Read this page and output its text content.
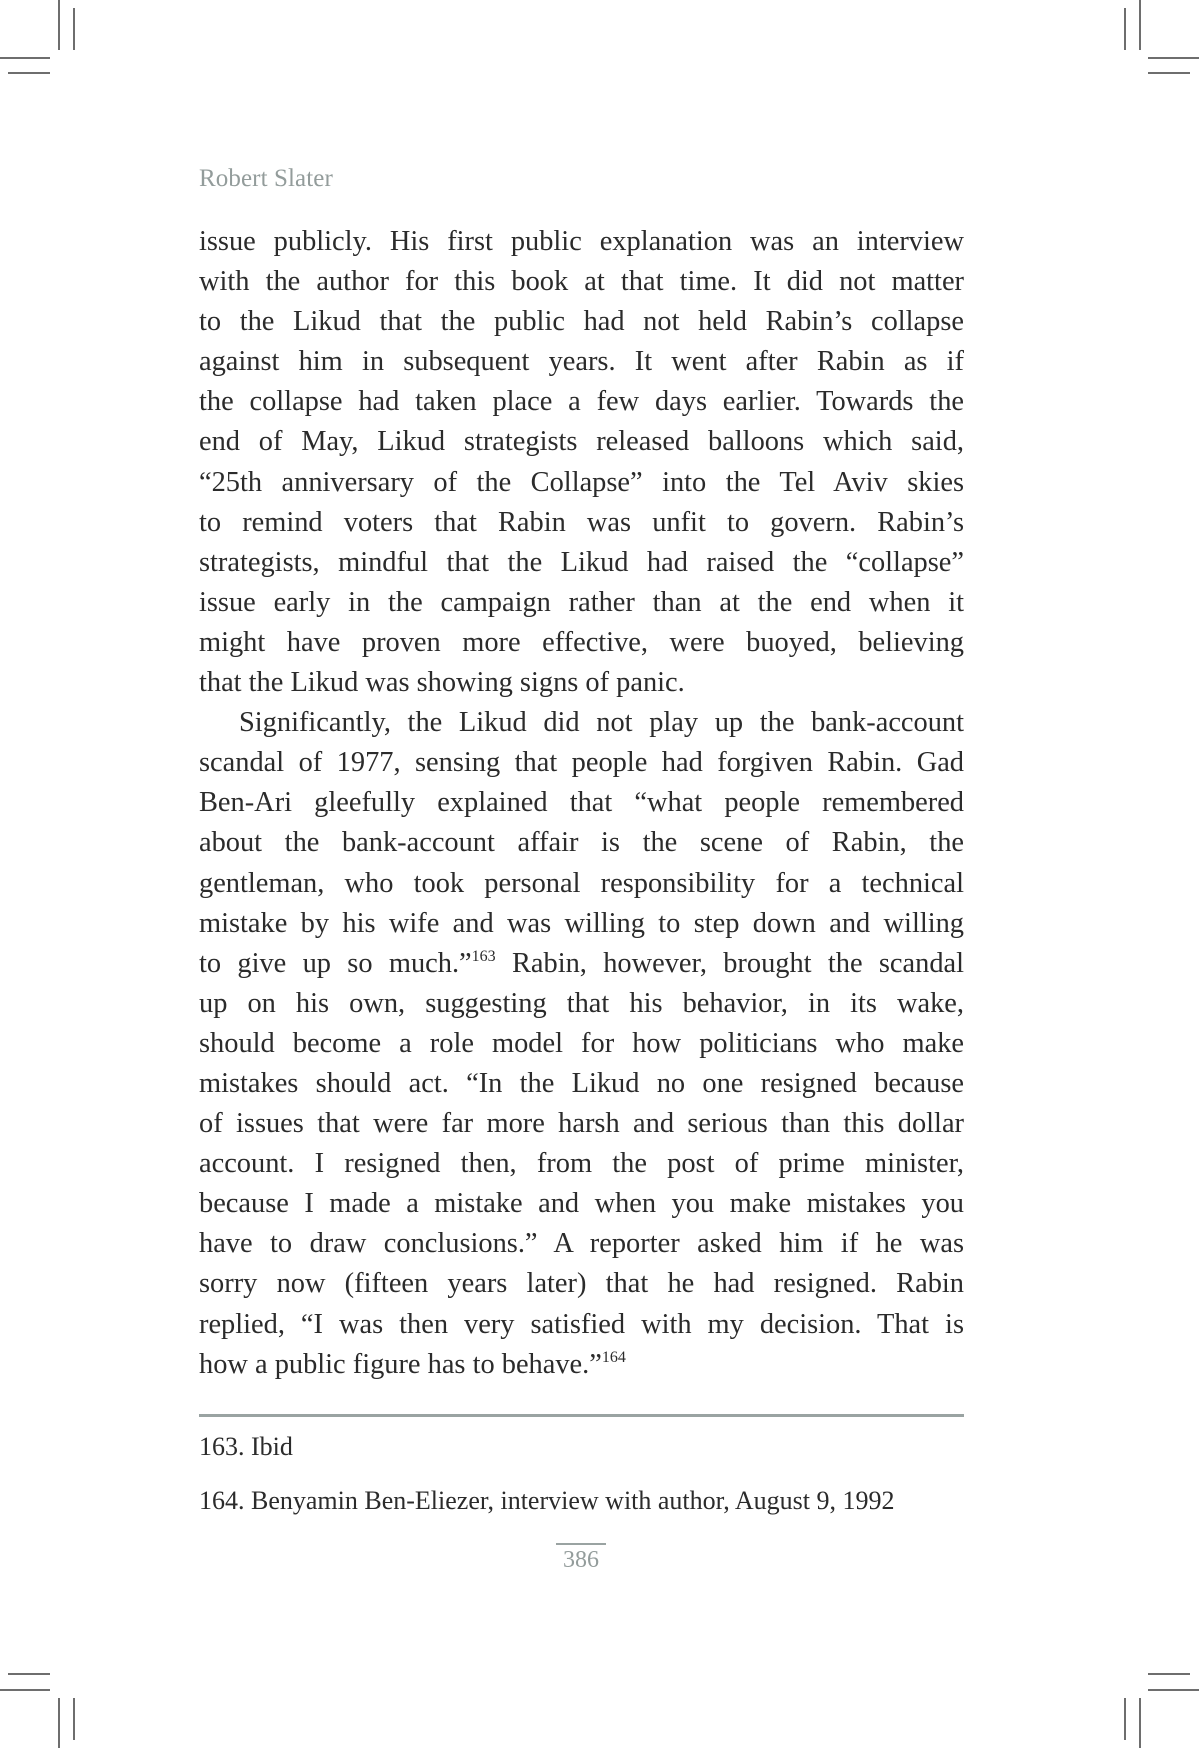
Robert Slater

issue publicly. His first public explanation was an interview
with the author for this book at that time. It did not matter
to the Likud that the public had not held Rabin’s collapse
against him in subsequent years. It went after Rabin as if
the collapse had taken place a few days earlier. Towards the
end of May, Likud strategists released balloons which said,
“25th anniversary of the Collapse” into the Tel Aviv skies
to remind voters that Rabin was unfit to govern. Rabin’s
strategists, mindful that the Likud had raised the “collapse”
issue early in the campaign rather than at the end when it
might have proven more effective, were buoyed, believing
that the Likud was showing signs of panic.

Significantly, the Likud did not play up the bank-account
scandal of 1977, sensing that people had forgiven Rabin. Gad
Ben-Ari gleefully explained that “what people remembered
about the bank-account affair is the scene of Rabin, the
gentleman, who took personal responsibility for a technical
mistake by his wife and was willing to step down and willing
to give up so much.”$^{163}$ Rabin, however, brought the scandal
up on his own, suggesting that his behavior, in its wake,
should become a role model for how politicians who make
mistakes should act. “In the Likud no one resigned because
of issues that were far more harsh and serious than this dollar
account. I resigned then, from the post of prime minister,
because I made a mistake and when you make mistakes you
have to draw conclusions.” A reporter asked him if he was
sorry now (fifteen years later) that he had resigned. Rabin
replied, “I was then very satisfied with my decision. That is
how a public figure has to behave.”$^{164}$

163. Ibid
164. Benyamin Ben-Eliezer, interview with author, August 9, 1992
386
